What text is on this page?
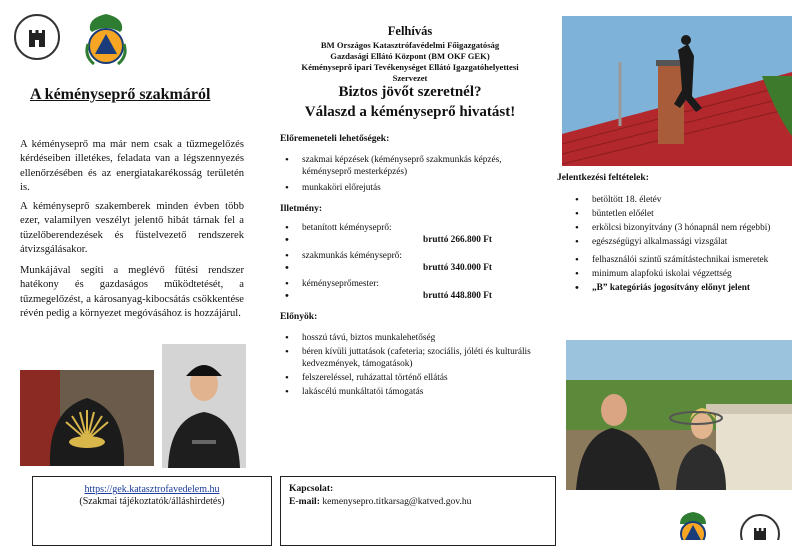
A kéményseprő szakmáról

A kéményseprő ma már nem csak a tűzmegelőzés kérdéseiben illetékes, feladata van a légszennyezés ellenőrzésében és az energiatakarékosság területén is.

A kéményseprő szakemberek minden évben több ezer, valamilyen veszélyt jelentő hibát tárnak fel a tüzelőberendezések és füstelvezető rendszerek átvizsgálásakor.

Munkájával segíti a meglévő fűtési rendszer hatékony és gazdaságos működtetését, a tűzmegelőzést, a károsanyag-kibocsátás csökkentése révén pedig a környezet megóvásához is hozzájárul.

Felhívás
BM Országos Katasztrófavédelmi Főigazgatóság
Gazdasági Ellátó Központ (BM OKF GEK)
Kéményseprő ipari Tevékenységet Ellátó Igazgatóhelyettesi
Szervezet
Biztos jövőt szeretnél?
Válaszd a kéményseprő hivatást!
Előremeneteli lehetőségek:
• szakmai képzések (kéményseprő szakmunkás képzés, kéményseprő mesterképzés)
• munkaköri előrejutás
Illetmény:
• betanított kéményseprő:
• bruttó 266.800 Ft
• szakmunkás kéményseprő:
• bruttó 340.000 Ft
• kéményseprőmester:
• bruttó 448.800 Ft
Előnyök:
• hosszú távú, biztos munkalehetőség
• béren kívüli juttatások (cafeteria; szociális, jóléti és kulturális kedvezmények, támogatások)
• felszereléssel, ruházattal történő ellátás
• lakáscélú munkáltatói támogatás
Jelentkezési feltételek:
• betöltött 18. életév
• büntetlen előélet
• erkölcsi bizonyítvány (3 hónapnál nem régebbi)
• egészségügyi alkalmassági vizsgálat
• felhasználói szintű számítástechnikai ismeretek
• minimum alapfokú iskolai végzettség
• „B” kategóriás jogosítvány előnyt jelent
https://gek.katasztrofavedelem.hu
(Szakmai tájékoztatók/álláshirdetés)
Kapcsolat:
E-mail: kemenysepro.titkarsag@katved.gov.hu
